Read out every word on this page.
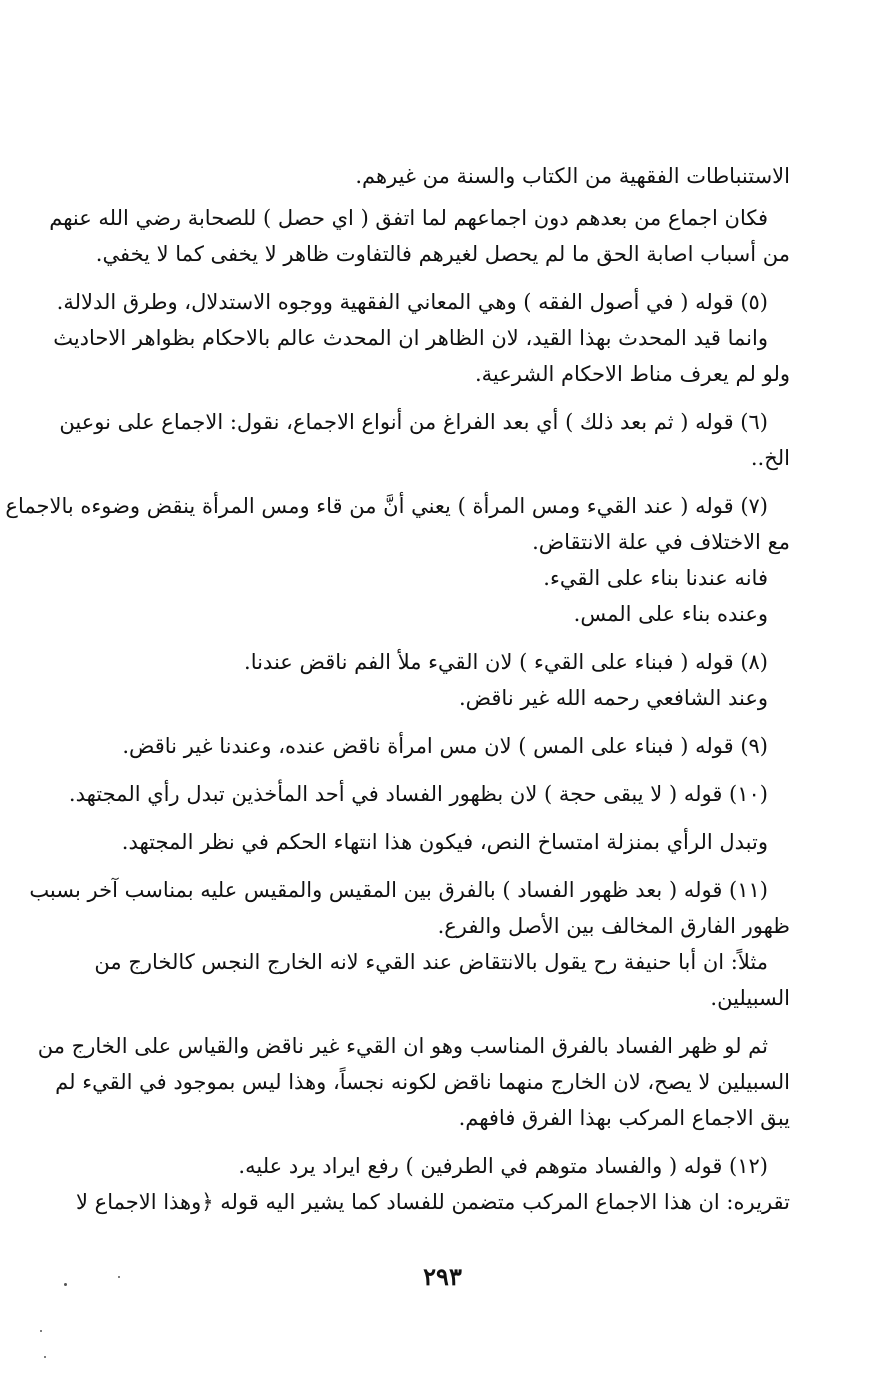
الاستنباطات الفقهية من الكتاب والسنة من غيرهم.
فكان اجماع من بعدهم دون اجماعهم لما اتفق ( اي حصل ) للصحابة رضي الله عنهم
من أسباب اصابة الحق ما لم يحصل لغيرهم فالتفاوت ظاهر لا يخفى كما لا يخفي.
(٥) قوله ( في أصول الفقه ) وهي المعاني الفقهية ووجوه الاستدلال، وطرق الدلالة.
وانما قيد المحدث بهذا القيد، لان الظاهر ان المحدث عالم بالاحكام بظواهر الاحاديث
ولو لم يعرف مناط الاحكام الشرعية.
(٦) قوله ( ثم بعد ذلك ) أي بعد الفراغ من أنواع الاجماع، نقول: الاجماع على نوعين
الخ..
(٧) قوله ( عند القيء ومس المرأة ) يعني أنَّ من قاء ومس المرأة ينقض وضوءه بالاجماع
مع الاختلاف في علة الانتقاض.
فانه عندنا بناء على القيء.
وعنده بناء على المس.
(٨) قوله ( فبناء على القيء ) لان القيء ملأ الفم ناقض عندنا.
وعند الشافعي رحمه الله غير ناقض.
(٩) قوله ( فبناء على المس ) لان مس امرأة ناقض عنده، وعندنا غير ناقض.
(١٠) قوله ( لا يبقى حجة ) لان بظهور الفساد في أحد المأخذين تبدل رأي المجتهد.
وتبدل الرأي بمنزلة امتساخ النص، فيكون هذا انتهاء الحكم في نظر المجتهد.
(١١) قوله ( بعد ظهور الفساد ) بالفرق بين المقيس والمقيس عليه بمناسب آخر بسبب
ظهور الفارق المخالف بين الأصل والفرع.
مثلاً: ان أبا حنيفة رح يقول بالانتقاض عند القيء لانه الخارج النجس كالخارج من
السبيلين.
ثم لو ظهر الفساد بالفرق المناسب وهو ان القيء غير ناقض والقياس على الخارج من
السبيلين لا يصح، لان الخارج منهما ناقض لكونه نجساً، وهذا ليس بموجود في القيء لم
يبق الاجماع المركب بهذا الفرق فافهم.
(١٢) قوله ( والفساد متوهم في الطرفين ) رفع ايراد يرد عليه.
تقريره: ان هذا الاجماع المركب متضمن للفساد كما يشير اليه قوله ﴿وهذا الاجماع لا
٢٩٣
